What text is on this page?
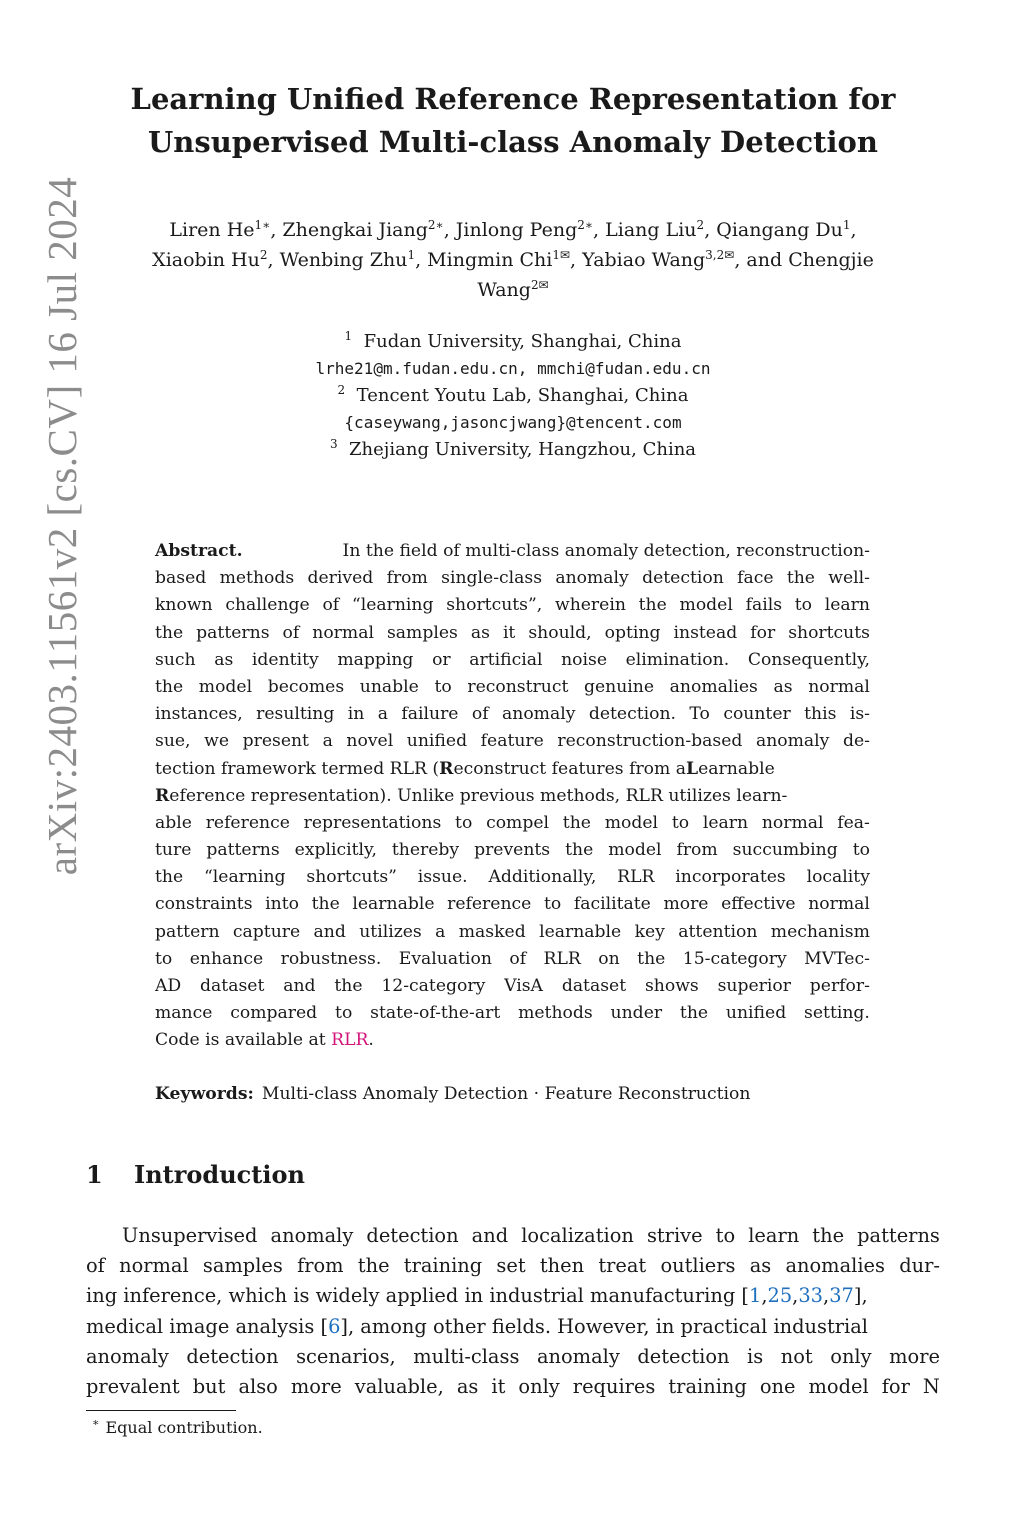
arXiv:2403.11561v2 [cs.CV] 16 Jul 2024
Learning Unified Reference Representation for
Unsupervised Multi-class Anomaly Detection
Liren $He^{1∗}$, Zhengkai Jiang$^{2∗}$, Jinlong Peng$^{2∗}$, Liang Liu$^2$, Qiangang Du$^1$,
Xiaobin Hu$^2$, Wenbing Zhu$^1$, Mingmin Chi$^{1✉}$, Yabiao Wang$^{3,2✉}$, and Chengjie
Wang$^{2✉}$
$^1$ Fudan University, Shanghai, China
lrhe21@m.fudan.edu.cn, mmchi@fudan.edu.cn
$^2$ Tencent Youtu Lab, Shanghai, China
{caseywang,jasoncjwang}@tencent.com
$^3$ Zhejiang University, Hangzhou, China
Abstract.	In the field of multi-class anomaly detection, reconstruction-
based methods derived from single-class anomaly detection face the well-
known challenge of “learning shortcuts”, wherein the model fails to learn
the patterns of normal samples as it should, opting instead for shortcuts
such as identity mapping or artificial noise elimination. Consequently,
the model becomes unable to reconstruct genuine anomalies as normal
instances, resulting in a failure of anomaly detection. To counter this is-
sue, we present a novel unified feature reconstruction-based anomaly de-
tection framework termed RLR (Reconstruct features from aLearnable
Reference representation). Unlike previous methods, RLR utilizes learn-
able reference representations to compel the model to learn normal fea-
ture patterns explicitly, thereby prevents the model from succumbing to
the “learning shortcuts” issue. Additionally, RLR incorporates locality
constraints into the learnable reference to facilitate more effective normal
pattern capture and utilizes a masked learnable key attention mechanism
to enhance robustness. Evaluation of RLR on the 15-category MVTec-
AD dataset and the 12-category VisA dataset shows superior perfor-
mance compared to state-of-the-art methods under the unified setting.
Code is available at
RLR .
Keywords: Multi-class Anomaly Detection · Feature Reconstruction
1 Introduction
Unsupervised anomaly detection and localization strive to learn the patterns
of normal samples from the training set then treat outliers as anomalies dur-
ing inference, which is widely applied in industrial manufacturing [1,25,33,37],
medical image analysis [6], among other fields. However, in practical industrial
anomaly detection scenarios, multi-class anomaly detection is not only more
prevalent but also more valuable, as it only requires training one model for N
∗ Equal contribution.
